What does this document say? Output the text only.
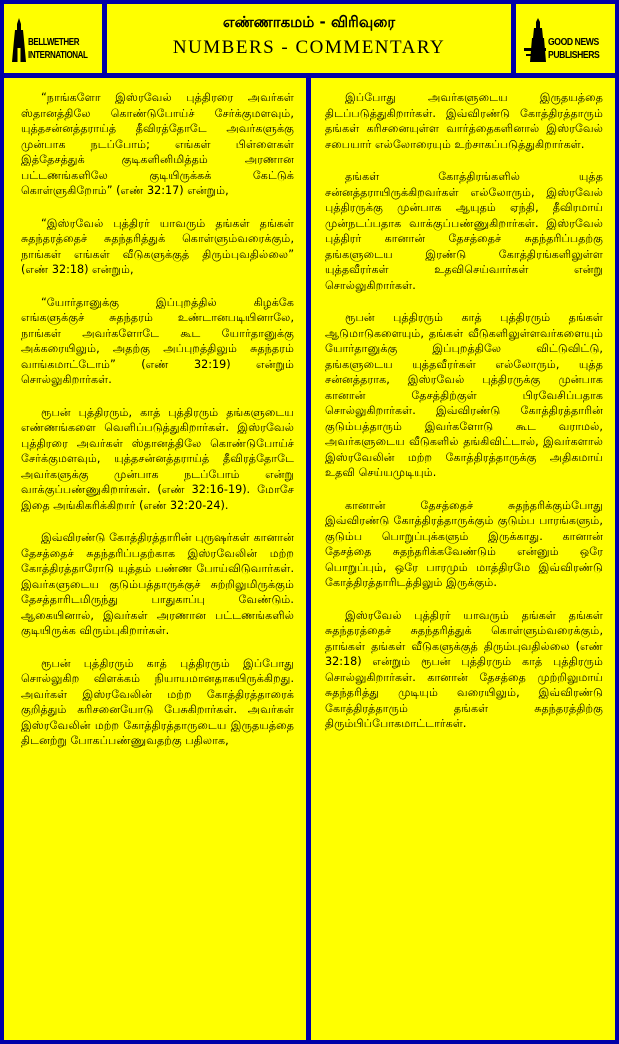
BELLWETHER
INTERNATIONAL
எண்ணாகமம் - விரிவுரை
NUMBERS - COMMENTARY	GOOD NEWS
PUBLISHERS

“நாங்களோ இஸ்ரவேல் புத்திரரை அவர்கள் ஸ்தானத்திலே கொண்டுபோய்ச் சேர்க்குமளவும், யுத்தசன்னத்தராய்த் தீவிரத்தோடே அவர்களுக்கு முன்பாக நடப்போம்; எங்கள் பிள்ளைகள் இத்தேசத்துக் குடிகளினிமித்தம் அரணான பட்டணங்களிலே குடியிருக்கக் கேட்டுக் கொள்ளுகிறோம்” (எண் 32:17) என்றும்,

“இஸ்ரவேல் புத்திரர் யாவரும் தங்கள் தங்கள் சுதந்தரத்தைச் சுதந்தரித்துக் கொள்ளும்வரைக்கும், நாங்கள் எங்கள் வீடுகளுக்குத் திரும்புவதில்லை” (எண் 32:18) என்றும்,

“யோர்தானுக்கு இப்புறத்தில் கிழக்கே எங்களுக்குச் சுதந்தரம் உண்டானபடியினாலே, நாங்கள் அவர்களோடே கூட யோர்தானுக்கு அக்கரையிலும், அதற்கு அப்புறத்திலும் சுதந்தரம் வாங்கமாட்டோம்” (எண் 32:19) என்றும் சொல்லுகிறார்கள்.

ரூபன் புத்திரரும், காத் புத்திரரும் தங்களுடைய எண்ணங்களை வெளிப்படுத்துகிறார்கள். இஸ்ரவேல் புத்திரரை அவர்கள் ஸ்தானத்திலே கொண்டுபோய்ச் சேர்க்குமளவும், யுத்தசன்னத்தராய்த் தீவிரத்தோடே அவர்களுக்கு முன்பாக நடப்போம் என்று வாக்குப்பண்ணுகிறார்கள். (எண் 32:16-19). மோசே இதை அங்கிகரிக்கிறார் (எண் 32:20-24).

இவ்விரண்டு கோத்திரத்தாரின் புருஷர்கள் கானான் தேசத்தைச் சுதந்தரிப்பதற்காக இஸ்ரவேலின் மற்ற கோத்திரத்தாரோடு யுத்தம் பண்ண போய்விடுவார்கள். இவர்களுடைய குடும்பத்தாருக்குச் சுற்றிலுமிருக்கும் தேசத்தாரிடமிருந்து பாதுகாப்பு வேண்டும். ஆகையினால், இவர்கள் அரணான பட்டணங்களில் குடியிருக்க விரும்புகிறார்கள்.

ரூபன் புத்திரரும் காத் புத்திரரும் இப்போது சொல்லுகிற விளக்கம் நியாயமானதாகயிருக்கிறது. அவர்கள் இஸ்ரவேலின் மற்ற கோத்திரத்தாரைக் குறித்தும் கரிசனையோடு பேசுகிறார்கள். அவர்கள் இஸ்ரவேலின் மற்ற கோத்திரத்தாருடைய இருதயத்தை திடனற்று போகப்பண்ணுவதற்கு பதிலாக,

இப்போது அவர்களுடைய இருதயத்தை திடப்படுத்துகிறார்கள். இவ்விரண்டு கோத்திரத்தாரும் தங்கள் கரிசனையுள்ள வார்த்தைகளினால் இஸ்ரவேல் சபையார் எல்லோரையும் உற்சாகப்படுத்துகிறார்கள்.

தங்கள் கோத்திரங்களில் யுத்த சன்னத்தராயிருக்கிறவர்கள் எல்லோரும், இஸ்ரவேல் புத்திரருக்கு முன்பாக ஆயுதம் ஏந்தி, தீவிரமாய் முன்நடப்பதாக வாக்குப்பண்ணுகிறார்கள். இஸ்ரவேல் புத்திரர் கானான் தேசத்தைச் சுதந்தரிப்பதற்கு தங்களுடைய இரண்டு கோத்திரங்களிலுள்ள யுத்தவீரர்கள் உதவிசெய்வார்கள் என்று சொல்லுகிறார்கள்.

ரூபன் புத்திரரும் காத் புத்திரரும் தங்கள் ஆடுமாடுகளையும், தங்கள் வீடுகளிலுள்ளவர்களையும் யோர்தானுக்கு இப்புறத்திலே விட்டுவிட்டு, தங்களுடைய யுத்தவீரர்கள் எல்லோரும், யுத்த சன்னத்தராக, இஸ்ரவேல் புத்திரருக்கு முன்பாக கானான் தேசத்திற்குள் பிரவேசிப்பதாக சொல்லுகிறார்கள். இவ்விரண்டு கோத்திரத்தாரின் குடும்பத்தாரும் இவர்களோடு கூட வராமல், அவர்களுடைய வீடுகளில் தங்கிவிட்டால், இவர்களால் இஸ்ரவேலின் மற்ற கோத்திரத்தாருக்கு அதிகமாய் உதவி செய்யமுடியும்.

கானான் தேசத்தைச் சுதந்தரிக்கும்போது இவ்விரண்டு கோத்திரத்தாருக்கும் குடும்ப பாரங்களும், குடும்ப பொறுப்புக்களும் இருக்காது. கானான் தேசத்தை சுதந்தரிக்கவேண்டும் என்னும் ஒரே பொறுப்பும், ஒரே பாரமும் மாத்திரமே இவ்விரண்டு கோத்திரத்தாரிடத்திலும் இருக்கும்.

இஸ்ரவேல் புத்திரர் யாவரும் தங்கள் தங்கள் சுதந்தரத்தைச் சுதந்தரித்துக் கொள்ளும்வரைக்கும், தாங்கள் தங்கள் வீடுகளுக்குத் திரும்புவதில்லை (எண் 32:18) என்றும் ரூபன் புத்திரரும் காத் புத்திரரும் சொல்லுகிறார்கள். கானான் தேசத்தை முற்றிலுமாய் சுதந்தரித்து முடியும் வரையிலும், இவ்விரண்டு கோத்திரத்தாரும் தங்கள் சுதந்தரத்திற்கு திரும்பிப்போகமாட்டார்கள்.
